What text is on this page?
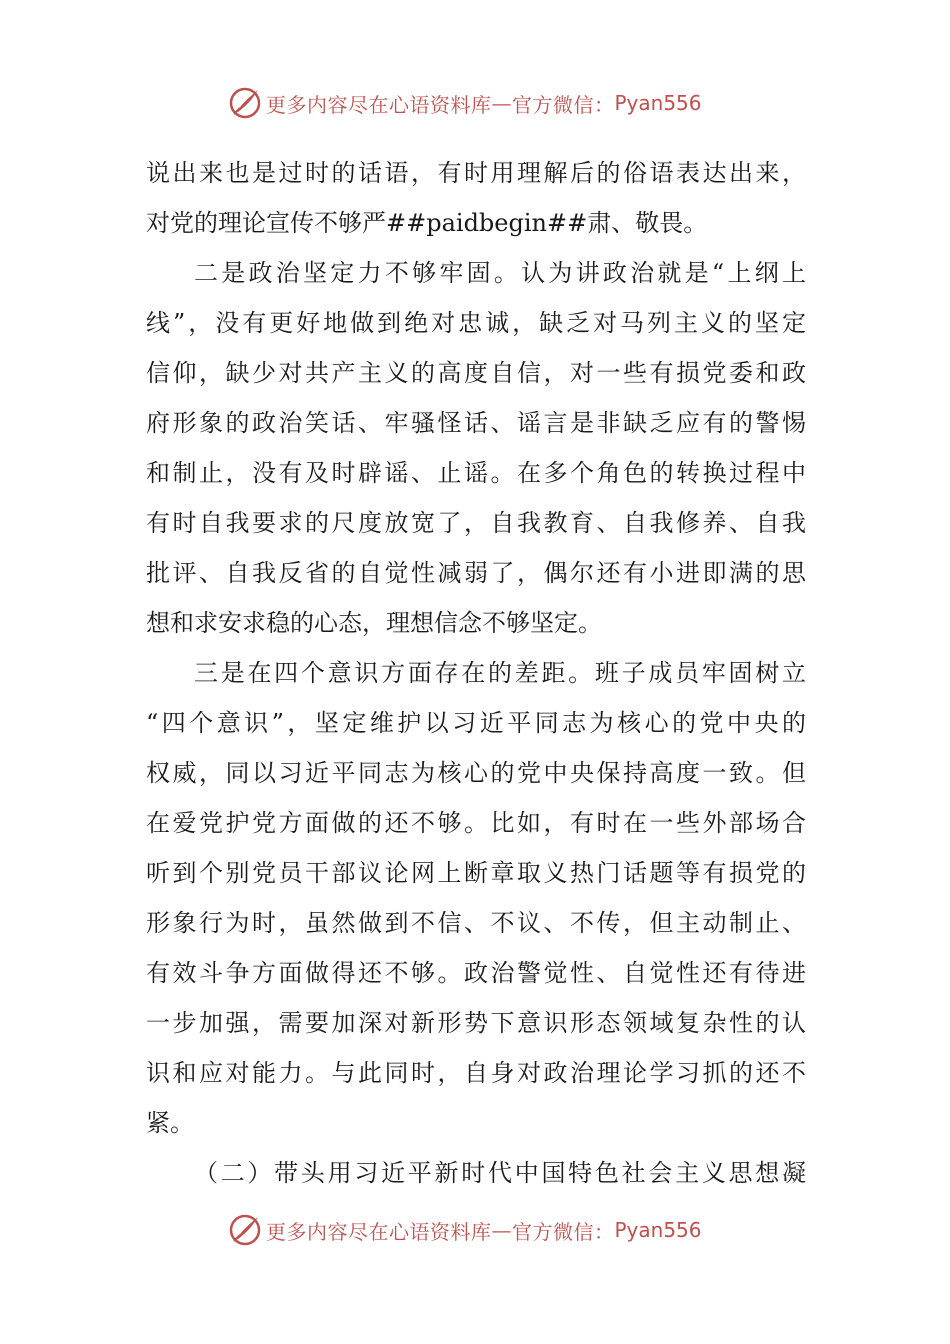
更多内容尽在心语资料库 — 官方微信： Pyan556
说出来也是过时的话语，有时用理解后的俗语表达出来，
对党的理论宣传不够严##paidbegin##肃、敬畏。
二是政治坚定力不够牢固。认为讲政治就是“上纲上
线”，没有更好地做到绝对忠诚，缺乏对马列主义的坚定
信仰，缺少对共产主义的高度自信，对一些有损党委和政
府形象的政治笑话、牢骚怪话、谣言是非缺乏应有的警惕
和制止，没有及时辟谣、止谣。在多个角色的转换过程中
有时自我要求的尺度放宽了，自我教育、自我修养、自我
批评、自我反省的自觉性减弱了，偶尔还有小进即满的思
想和求安求稳的心态，理想信念不够坚定。
三是在四个意识方面存在的差距。班子成员牢固树立
“四个意识”，坚定维护以习近平同志为核心的党中央的
权威，同以习近平同志为核心的党中央保持高度一致。但
在爱党护党方面做的还不够。比如，有时在一些外部场合
听到个别党员干部议论网上断章取义热门话题等有损党的
形象行为时，虽然做到不信、不议、不传，但主动制止、
有效斗争方面做得还不够。政治警觉性、自觉性还有待进
一步加强，需要加深对新形势下意识形态领域复杂性的认
识和应对能力。与此同时，自身对政治理论学习抓的还不
紧。
（二）带头用习近平新时代中国特色社会主义思想凝
更多内容尽在心语资料库 — 官方微信： Pyan556
